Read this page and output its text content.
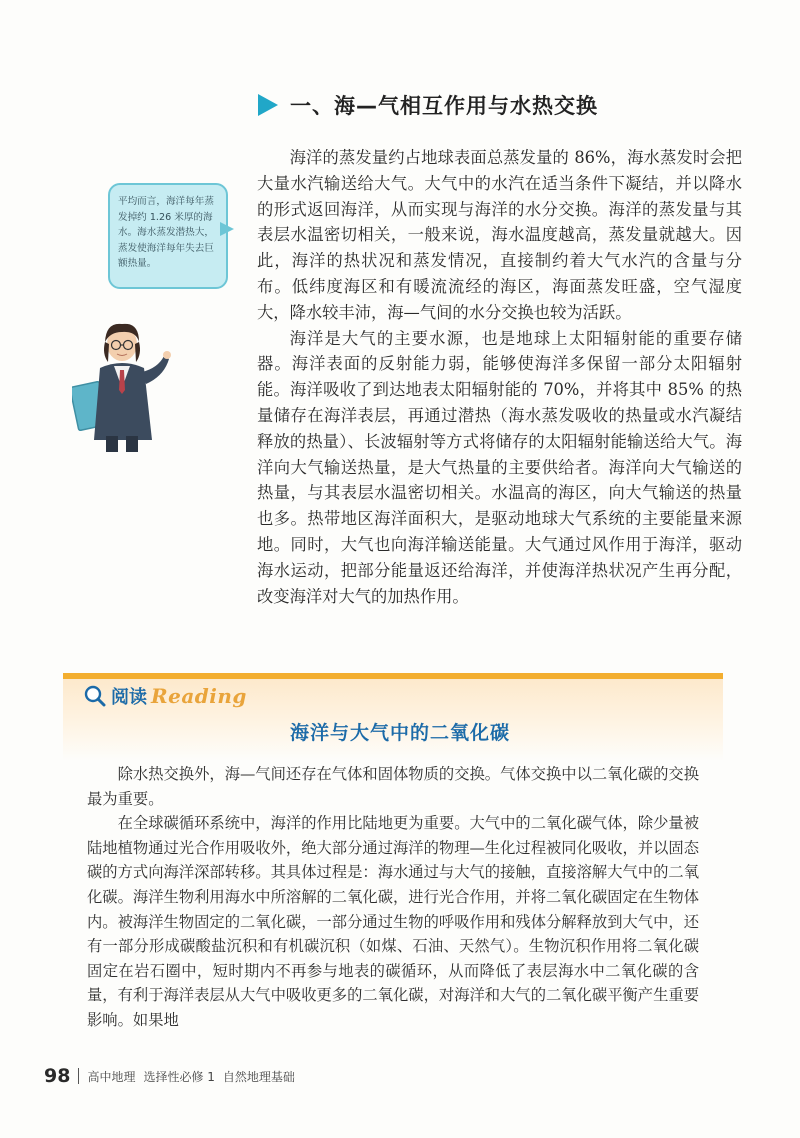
一、海—气相互作用与水热交换

海洋的蒸发量约占地球表面总蒸发量的 86%，海水蒸发时会把大量水汽输送给大气。大气中的水汽在适当条件下凝结，并以降水的形式返回海洋，从而实现与海洋的水分交换。海洋的蒸发量与其表层水温密切相关，一般来说，海水温度越高，蒸发量就越大。因此，海洋的热状况和蒸发情况，直接制约着大气水汽的含量与分布。低纬度海区和有暖流流经的海区，海面蒸发旺盛，空气湿度大，降水较丰沛，海—气间的水分交换也较为活跃。

海洋是大气的主要水源，也是地球上太阳辐射能的重要存储器。海洋表面的反射能力弱，能够使海洋多保留一部分太阳辐射能。海洋吸收了到达地表太阳辐射能的 70%，并将其中 85% 的热量储存在海洋表层，再通过潜热（海水蒸发吸收的热量或水汽凝结释放的热量）、长波辐射等方式将储存的太阳辐射能输送给大气。海洋向大气输送热量，是大气热量的主要供给者。海洋向大气输送的热量，与其表层水温密切相关。水温高的海区，向大气输送的热量也多。热带地区海洋面积大，是驱动地球大气系统的主要能量来源地。同时，大气也向海洋输送能量。大气通过风作用于海洋，驱动海水运动，把部分能量返还给海洋，并使海洋热状况产生再分配，改变海洋对大气的加热作用。

平均而言，海洋每年蒸发掉约 1.26 米厚的海水。海水蒸发潜热大，蒸发使海洋每年失去巨额热量。
阅读 Reading
海洋与大气中的二氧化碳

除水热交换外，海—气间还存在气体和固体物质的交换。气体交换中以二氧化碳的交换最为重要。

在全球碳循环系统中，海洋的作用比陆地更为重要。大气中的二氧化碳气体，除少量被陆地植物通过光合作用吸收外，绝大部分通过海洋的物理—生化过程被同化吸收，并以固态碳的方式向海洋深部转移。其具体过程是：海水通过与大气的接触，直接溶解大气中的二氧化碳。海洋生物利用海水中所溶解的二氧化碳，进行光合作用，并将二氧化碳固定在生物体内。被海洋生物固定的二氧化碳，一部分通过生物的呼吸作用和残体分解释放到大气中，还有一部分形成碳酸盐沉积和有机碳沉积（如煤、石油、天然气）。生物沉积作用将二氧化碳固定在岩石圈中，短时期内不再参与地表的碳循环，从而降低了表层海水中二氧化碳的含量，有利于海洋表层从大气中吸收更多的二氧化碳，对海洋和大气的二氧化碳平衡产生重要影响。如果地

98 高中地理 选择性必修 1 自然地理基础
